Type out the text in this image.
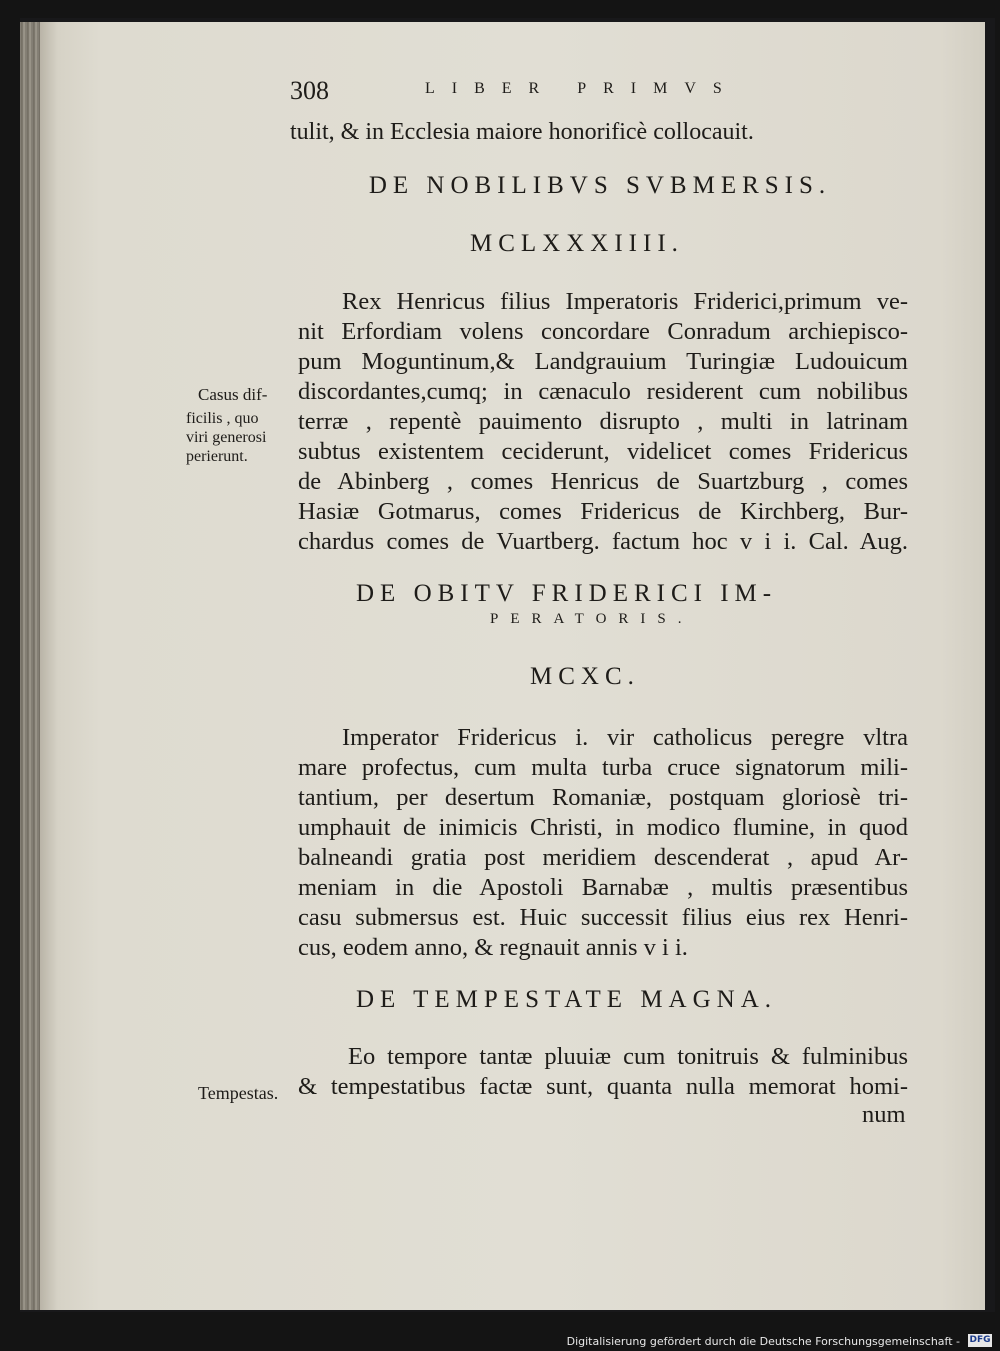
308	LIBER PRIMVS
tulit, & in Ecclesia maiore honorificè collocauit.
DE NOBILIBVS SVBMERSIS.
MCLXXXIIII.
Rex Henricus filius Imperatoris Friderici,primum ve-
nit Erfordiam volens concordare Conradum archiepisco-
pum Moguntinum,& Landgrauium Turingiæ Ludouicum
discordantes,cumq; in cænaculo residerent cum nobilibus
terræ , repentè pauimento disrupto , multi in latrinam
subtus existentem ceciderunt, videlicet comes Fridericus
de Abinberg , comes Henricus de Suartzburg , comes
Hasiæ Gotmarus, comes Fridericus de Kirchberg, Bur-
chardus comes de Vuartberg. factum hoc v i i. Cal. Aug.
Casus dif-
ficilis , quo
viri generosi
perierunt.
DE OBITV FRIDERICI IM-
PERATORIS.
MCXC.
Imperator Fridericus i. vir catholicus peregre vltra
mare profectus, cum multa turba cruce signatorum mili-
tantium, per desertum Romaniæ, postquam gloriosè tri-
umphauit de inimicis Christi, in modico flumine, in quod
balneandi gratia post meridiem descenderat , apud Ar-
meniam in die Apostoli Barnabæ , multis præsentibus
casu submersus est. Huic successit filius eius rex Henri-
cus, eodem anno, & regnauit annis v i i.
DE TEMPESTATE MAGNA.
Eo tempore tantæ pluuiæ cum tonitruis & fulminibus
& tempestatibus factæ sunt, quanta nulla memorat homi-
num
Tempestas.
Digitalisierung gefördert durch die Deutsche Forschungsgemeinschaft - DFG
